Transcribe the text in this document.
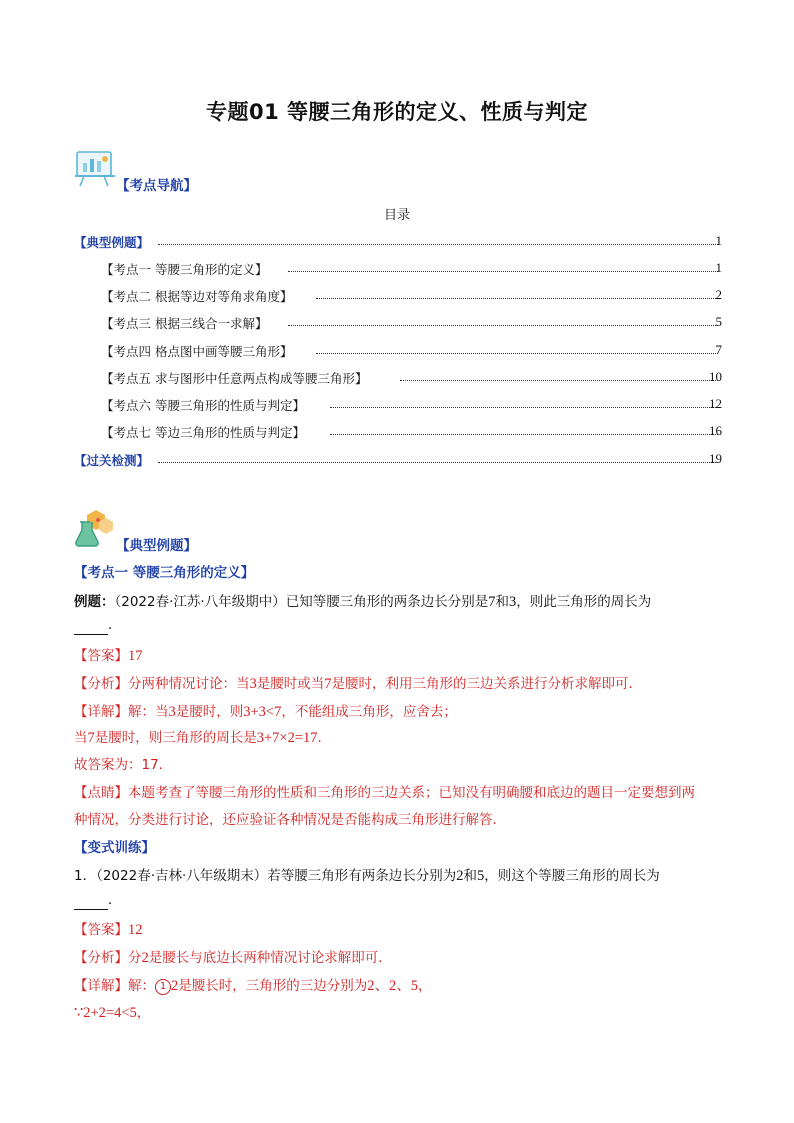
专题01 等腰三角形的定义、性质与判定
【考点导航】
目录
【典型例题】	1
【考点一 等腰三角形的定义】	1
【考点二 根据等边对等角求角度】	2
【考点三 根据三线合一求解】	5
【考点四 格点图中画等腰三角形】	7
【考点五 求与图形中任意两点构成等腰三角形】	10
【考点六 等腰三角形的性质与判定】	12
【考点七 等边三角形的性质与判定】	16
【过关检测】	19
【典型例题】
【考点一 等腰三角形的定义】
例题：（2022春·江苏·八年级期中）已知等腰三角形的两条边长分别是7和3，则此三角形的周长为
．
【答案】17
【分析】分两种情况讨论：当3是腰时或当7是腰时，利用三角形的三边关系进行分析求解即可．
【详解】解：当3是腰时，则3+3<7，不能组成三角形，应舍去；
当7是腰时，则三角形的周长是3+7×2=17．
故答案为：17．
【点睛】本题考查了等腰三角形的性质和三角形的三边关系；已知没有明确腰和底边的题目一定要想到两
种情况，分类进行讨论，还应验证各种情况是否能构成三角形进行解答．
【变式训练】
1．（2022春·吉林·八年级期末）若等腰三角形有两条边长分别为2和5，则这个等腰三角形的周长为
．
【答案】12
【分析】分2是腰长与底边长两种情况讨论求解即可．
【详解】解： 1 2是腰长时，三角形的三边分别为2、2、5，
∵2+2=4<5，
